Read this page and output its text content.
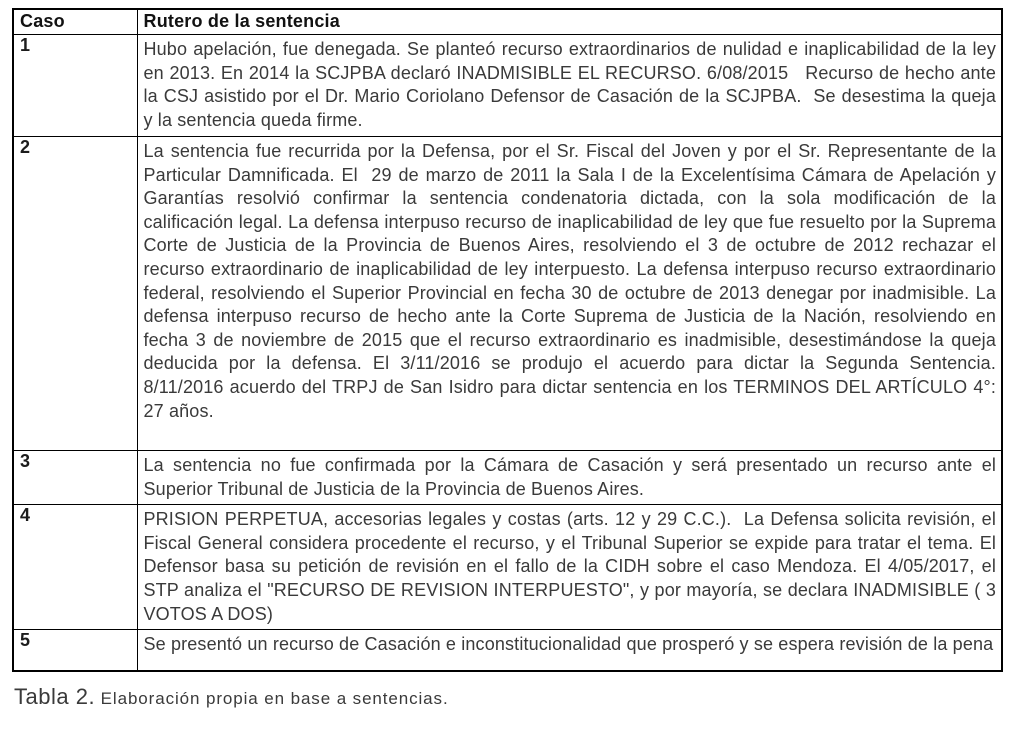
Caso	Rutero de la sentencia
1	Hubo apelación, fue denegada. Se planteó recurso extraordinarios de nulidad e inaplicabilidad de la ley en 2013. En 2014 la SCJPBA declaró INADMISIBLE EL RECURSO. 6/08/2015   Recurso de hecho ante la CSJ asistido por el Dr. Mario Coriolano Defensor de Casación de la SCJPBA.  Se desestima la queja y la sentencia queda firme.
2	La sentencia fue recurrida por la Defensa, por el Sr. Fiscal del Joven y por el Sr. Representante de la Particular Damnificada. El  29 de marzo de 2011 la Sala I de la Excelentísima Cámara de Apelación y Garantías resolvió confirmar la sentencia condenatoria dictada, con la sola modificación de la calificación legal. La defensa interpuso recurso de inaplicabilidad de ley que fue resuelto por la Suprema Corte de Justicia de la Provincia de Buenos Aires, resolviendo el 3 de octubre de 2012 rechazar el recurso extraordinario de inaplicabilidad de ley interpuesto. La defensa interpuso recurso extraordinario federal, resolviendo el Superior Provincial en fecha 30 de octubre de 2013 denegar por inadmisible. La defensa interpuso recurso de hecho ante la Corte Suprema de Justicia de la Nación, resolviendo en fecha 3 de noviembre de 2015 que el recurso extraordinario es inadmisible, desestimándose la queja deducida por la defensa. El 3/11/2016 se produjo el acuerdo para dictar la Segunda Sentencia. 8/11/2016 acuerdo del TRPJ de San Isidro para dictar sentencia en los TERMINOS DEL ARTÍCULO 4°: 27 años.
3	La sentencia no fue confirmada por la Cámara de Casación y será presentado un recurso ante el Superior Tribunal de Justicia de la Provincia de Buenos Aires.
4	PRISION PERPETUA, accesorias legales y costas (arts. 12 y 29 C.C.).  La Defensa solicita revisión, el Fiscal General considera procedente el recurso, y el Tribunal Superior se expide para tratar el tema. El Defensor basa su petición de revisión en el fallo de la CIDH sobre el caso Mendoza. El 4/05/2017, el STP analiza el "RECURSO DE REVISION INTERPUESTO", y por mayoría, se declara INADMISIBLE ( 3 VOTOS A DOS)
5	Se presentó un recurso de Casación e inconstitucionalidad que prosperó y se espera revisión de la pena
Tabla 2. Elaboración propia en base a sentencias.
